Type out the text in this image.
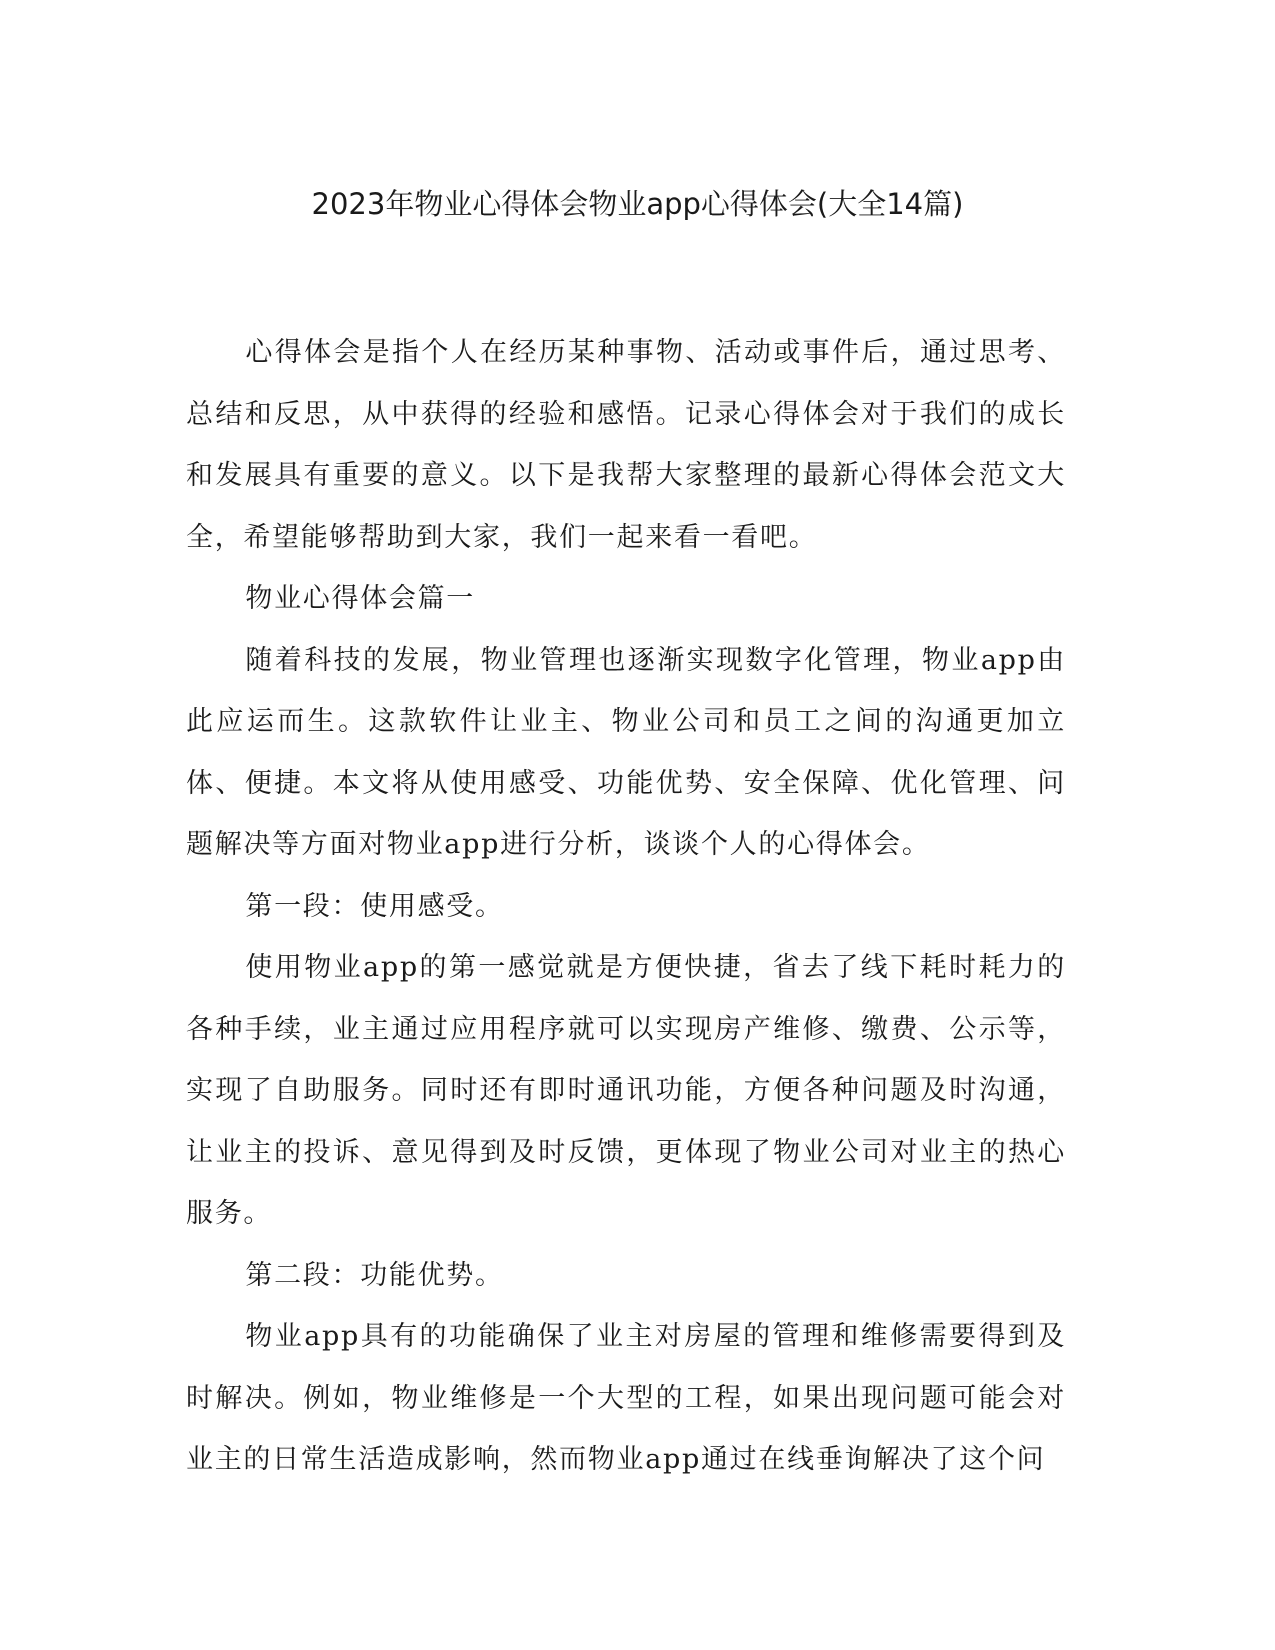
2023年物业心得体会物业app心得体会(大全14篇)

心得体会是指个人在经历某种事物、活动或事件后，通过思考、总结和反思，从中获得的经验和感悟。记录心得体会对于我们的成长和发展具有重要的意义。以下是我帮大家整理的最新心得体会范文大全，希望能够帮助到大家，我们一起来看一看吧。

物业心得体会篇一

随着科技的发展，物业管理也逐渐实现数字化管理，物业app由此应运而生。这款软件让业主、物业公司和员工之间的沟通更加立体、便捷。本文将从使用感受、功能优势、安全保障、优化管理、问题解决等方面对物业app进行分析，谈谈个人的心得体会。

第一段：使用感受。

使用物业app的第一感觉就是方便快捷，省去了线下耗时耗力的各种手续，业主通过应用程序就可以实现房产维修、缴费、公示等，实现了自助服务。同时还有即时通讯功能，方便各种问题及时沟通，让业主的投诉、意见得到及时反馈，更体现了物业公司对业主的热心服务。

第二段：功能优势。

物业app具有的功能确保了业主对房屋的管理和维修需要得到及时解决。例如，物业维修是一个大型的工程，如果出现问题可能会对业主的日常生活造成影响，然而物业app通过在线垂询解决了这个问
